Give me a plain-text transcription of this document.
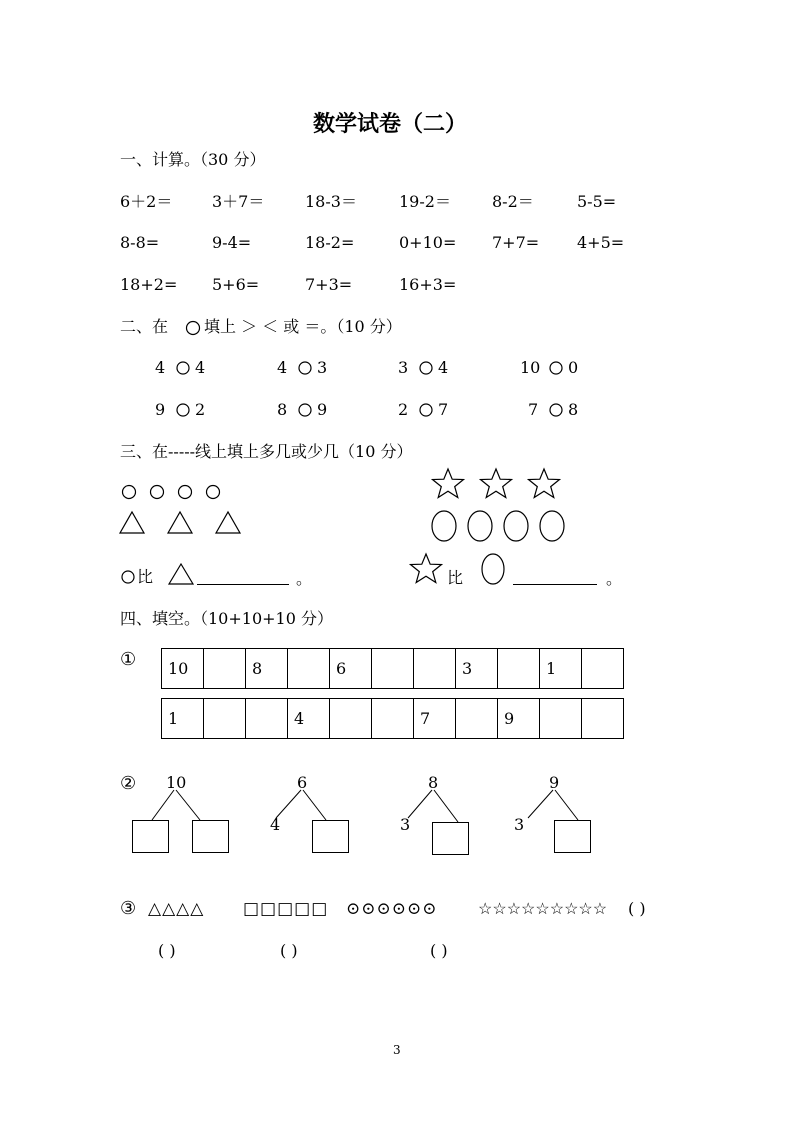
数学试卷（二）
一、计算。（30 分）
6＋2＝ 3＋7＝	18-3＝	19-2＝	8-2＝	5-5=
8-8=	9-4=	18-2=	0+10= 7+7= 4+5=
18+2= 5+6=	7+3=	16+3=
二、在 填上 ＞ ＜ 或 ＝。（10 分）
4 4	4 3	3 4	10 0
9 2	8 9	2 7	7 8
三、在-----线上填上多几或少几（10 分）
比	。	比	。
四、填空。（10+10+10 分）
① 10		8		6			3		1	
1			4			7		9		
② 10	6
4
8
3
9
3
③ △△△△ □□□□□ ⊙⊙⊙⊙⊙⊙	☆☆☆☆☆☆☆☆☆ ( )
( )	( )	( )
3
